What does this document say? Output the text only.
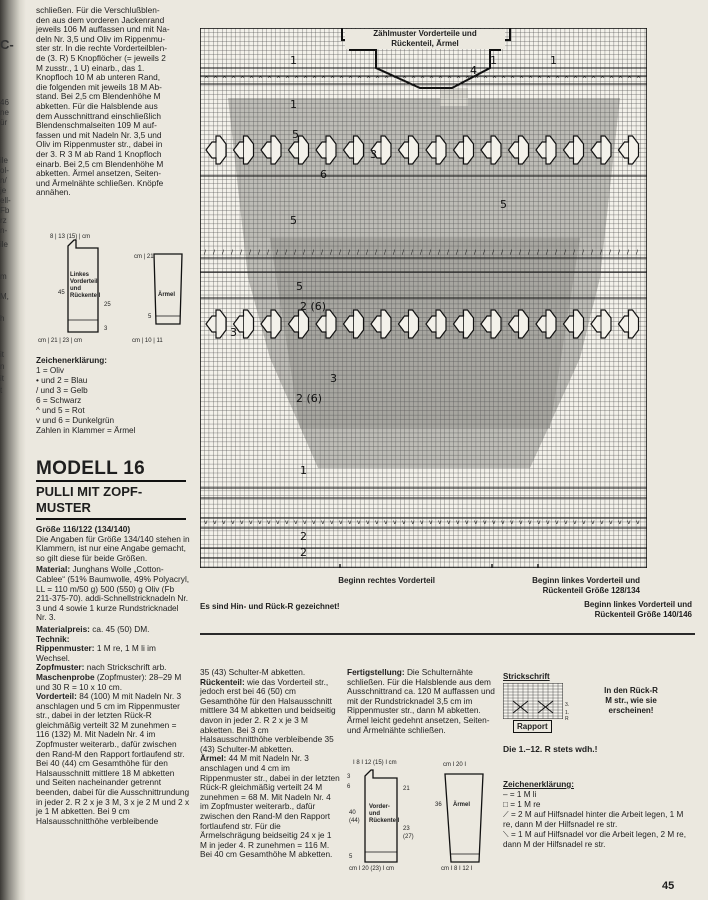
C-
46
ne
ür
ile
ol-
n/
je
ell-
Fb
rz
n-
ile
m
M,
h
it
n
it
t
schließen. Für die Verschlußblen-
den aus dem vorderen Jackenrand
jeweils 106 M auffassen und mit Na-
deln Nr. 3,5 und Oliv im Rippenmu-
ster str. In die rechte Vorderteilblen-
de (3. R) 5 Knopflöcher (= jeweils 2
M zusstr., 1 U) einarb., das 1.
Knopfloch 10 M ab unteren Rand,
die folgenden mit jeweils 18 M Ab-
stand. Bei 2,5 cm Blendenhöhe M
abketten. Für die Halsblende aus
dem Ausschnittrand einschließlich
Blendenschmalseiten 109 M auf-
fassen und mit Nadeln Nr. 3,5 und
Oliv im Rippenmuster str., dabei in
der 3. R 3 M ab Rand 1 Knopfloch
einarb. Bei 2,5 cm Blendenhöhe M
abketten. Ärmel ansetzen, Seiten-
und Ärmelnähte schließen. Knöpfe
annähen.
8 | 13 (15) | cm
Linkes
Vorderteil
und
Rückenteil
45
25
3
cm | 21 | 23 | cm
cm | 21
Ärmel
5
cm | 10 | 11
Zeichenerklärung:
1 = Oliv
• und 2 = Blau
/ und 3 = Gelb
6 = Schwarz
^ und 5 = Rot
v und 6 = Dunkelgrün
Zahlen in Klammer = Ärmel
MODELL 16
PULLI MIT ZOPF-
MUSTER

Größe 116/122 (134/140)
Die Angaben für Größe 134/140 stehen in Klammern, ist nur eine Angabe gemacht, so gilt diese für beide Größen.

Material: Junghans Wolle „Cotton-Cablee“ (51% Baumwolle, 49% Polyacryl, LL = 110 m/50 g) 500 (550) g Oliv (Fb 211-375-70). addi-Schnellstricknadeln Nr. 3 und 4 sowie 1 kurze Rundstricknadel Nr. 3.

Materialpreis: ca. 45 (50) DM.

Technik:

Rippenmuster: 1 M re, 1 M li im Wechsel.

Zopfmuster: nach Strickschrift arb.

Maschenprobe (Zopfmuster): 28–29 M und 30 R = 10 x 10 cm.

Vorderteil: 84 (100) M mit Nadeln Nr. 3 anschlagen und 5 cm im Rippenmuster str., dabei in der letzten Rück-R gleichmäßig verteilt 32 M zunehmen = 116 (132) M. Mit Nadeln Nr. 4 im Zopfmuster weiterarb., dafür zwischen den Rand-M den Rapport fortlaufend str. Bei 40 (44) cm Gesamthöhe für den Halsausschnitt mittlere 18 M abketten und Seiten nacheinander getrennt beenden, dabei für die Ausschnittrundung in jeder 2. R 2 x je 3 M, 3 x je 2 M und 2 x je 1 M abketten. Bei 9 cm Halsausschnitthöhe verbleibende

^ ^ ^ ^ ^ ^ ^ ^ ^ ^ ^ ^ ^ ^ ^ ^ ^ ^ ^ ^ ^ ^ ^ ^ ^ ^ ^ ^ ^ ^ ^ ^ ^ ^ ^ ^ ^ ^ ^ ^ ^ ^ ^ ^ ^ ^ ^ ^ ^
/ / / / / / / / / / / / / / / / / / / / / / / / / / / / / / / / / / / / / / / / / / / / / / / / /
v v v v v v v v v v v v v v v v v v v v v v v v v v v v v v v v v v v v v v v v v v v v v v v v v
1	1	1
4
1
5
3
6
5
5
5
2 (6)
3
3
2 (6)
1
2
2
Zählmuster Vorderteile und
Rückenteil, Ärmel
Beginn rechtes Vorderteil	Beginn linkes Vorderteil und
Rückenteil Größe 128/134
Beginn linkes Vorderteil und
Rückenteil Größe 140/146
Es sind Hin- und Rück-R gezeichnet!

35 (43) Schulter-M abketten.

Rückenteil: wie das Vorderteil str., jedoch erst bei 46 (50) cm Gesamthöhe für den Halsausschnitt mittlere 34 M abketten und beidseitig davon in jeder 2. R 2 x je 3 M abketten. Bei 3 cm Halsausschnitthöhe verbleibende 35 (43) Schulter-M abketten.

Ärmel: 44 M mit Nadeln Nr. 3 anschlagen und 4 cm im Rippenmuster str., dabei in der letzten Rück-R gleichmäßig verteilt 24 M zunehmen = 68 M. Mit Nadeln Nr. 4 im Zopfmuster weiterarb., dafür zwischen den Rand-M den Rapport fortlaufend str. Für die Ärmelschrägung beidseitig 24 x je 1 M in jeder 4. R zunehmen = 116 M. Bei 40 cm Gesamthöhe M abketten.

Fertigstellung: Die Schulternähte schließen. Für die Halsblende aus dem Ausschnittrand ca. 120 M auffassen und mit der Rundstricknadel 3,5 cm im Rippenmuster str., dann M abketten. Ärmel leicht gedehnt ansetzen, Seiten- und Ärmelnähte schließen.

I 8 I 12 (15) I cm
3
6	21
Vorder- und Rückenteil
40
(44)
23
(27)
5
cm I 20 (23) I cm
cm I 20 I
Ärmel
36
cm I 8 I 12 I
Strickschrift
3.
1. R
Rapport
In den Rück-R
M str., wie sie
erscheinen!
Die 1.–12. R stets wdh.!
Zeichenerklärung:
– = 1 M li
□ = 1 M re
⟋ = 2 M auf Hilfsnadel hinter die Arbeit legen, 1 M re, dann M der Hilfsnadel re str.
⟍ = 1 M auf Hilfsnadel vor die Arbeit legen, 2 M re, dann M der Hilfsnadel re str.
45
